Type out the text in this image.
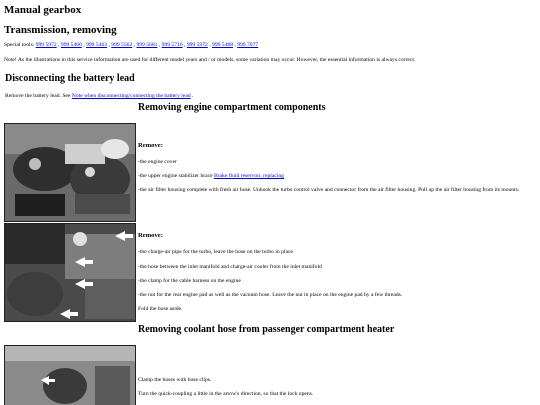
Manual gearbox
Transmission, removing
Special tools: 999 5972 , 999 5460 , 999 5463 , 999 5562 , 999 5681 , 999 5716 , 999 5972 , 999 5488 , 999 7077
Note! As the illustrations in this service information are used for different model years and / or models, some variation may occur. However, the essential information is always correct.
Disconnecting the battery lead
Remove the battery lead. See Note when disconnecting/connecting the battery lead .
Removing engine compartment components
Remove:
-the engine cover
-the upper engine stabilizer brace Brake fluid reservoir, replacing
-the air filter housing complete with fresh air hose. Unhook the turbo control valve and connector from the air filter housing. Pull up the air filter housing from its mounts.
Remove:
-the charge-air pipe for the turbo, leave the hose on the turbo in place
-the hose between the inlet manifold and charge-air cooler from the inlet manifold
-the clamp for the cable harness on the engine
-the nut for the rear engine pad as well as the vacuum hose. Leave the nut in place on the engine pad by a few threads.
Fold the hose aside.
Removing coolant hose from passenger compartment heater
Clamp the hoses with hose clips.
Turn the quick-coupling a little in the arrow's direction, so that the lock opens.
